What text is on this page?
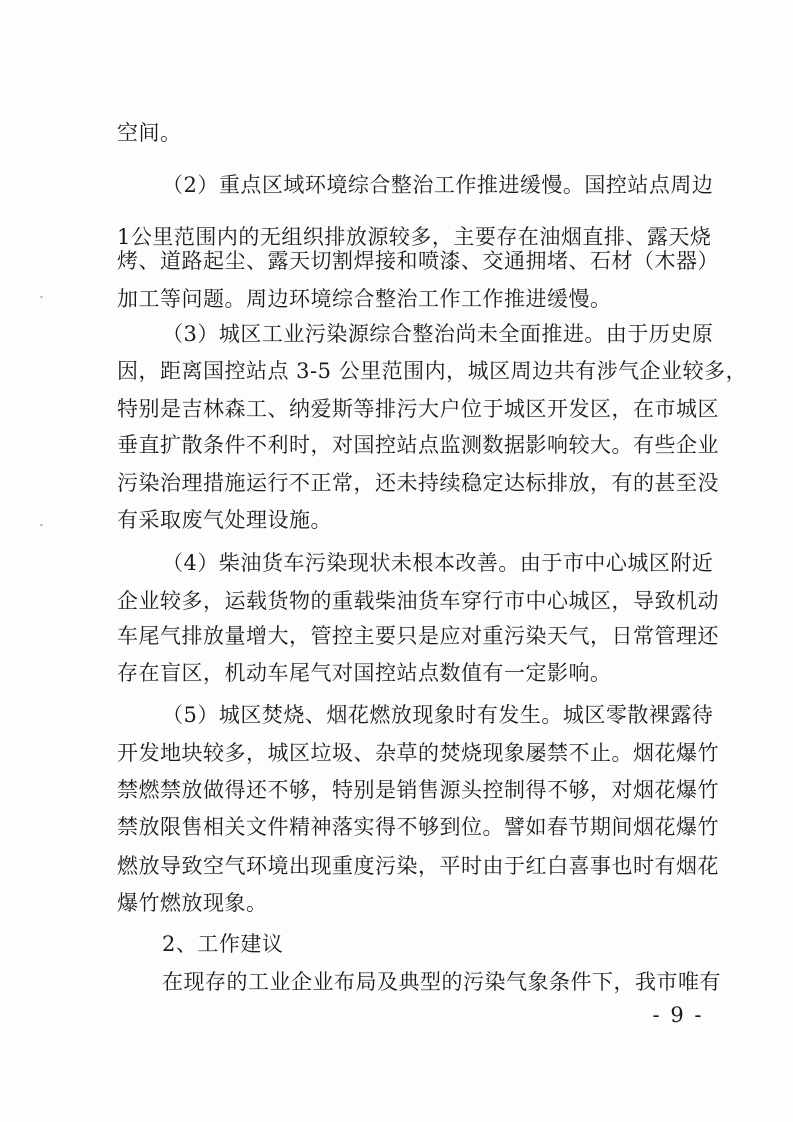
空间。
（2）重点区域环境综合整治工作推进缓慢。国控站点周边
1公里范围内的无组织排放源较多，主要存在油烟直排、露天烧
烤、道路起尘、露天切割焊接和喷漆、交通拥堵、石材（木器）
加工等问题。周边环境综合整治工作工作推进缓慢。
（3）城区工业污染源综合整治尚未全面推进。由于历史原
因，距离国控站点 3-5 公里范围内，城区周边共有涉气企业较多，
特别是吉林森工、纳爱斯等排污大户位于城区开发区，在市城区
垂直扩散条件不利时，对国控站点监测数据影响较大。有些企业
污染治理措施运行不正常，还未持续稳定达标排放，有的甚至没
有采取废气处理设施。
（4）柴油货车污染现状未根本改善。由于市中心城区附近
企业较多，运载货物的重载柴油货车穿行市中心城区，导致机动
车尾气排放量增大，管控主要只是应对重污染天气，日常管理还
存在盲区，机动车尾气对国控站点数值有一定影响。
（5）城区焚烧、烟花燃放现象时有发生。城区零散裸露待
开发地块较多，城区垃圾、杂草的焚烧现象屡禁不止。烟花爆竹
禁燃禁放做得还不够，特别是销售源头控制得不够，对烟花爆竹
禁放限售相关文件精神落实得不够到位。譬如春节期间烟花爆竹
燃放导致空气环境出现重度污染，平时由于红白喜事也时有烟花
爆竹燃放现象。
2、工作建议
在现存的工业企业布局及典型的污染气象条件下，我市唯有
- 9 -
